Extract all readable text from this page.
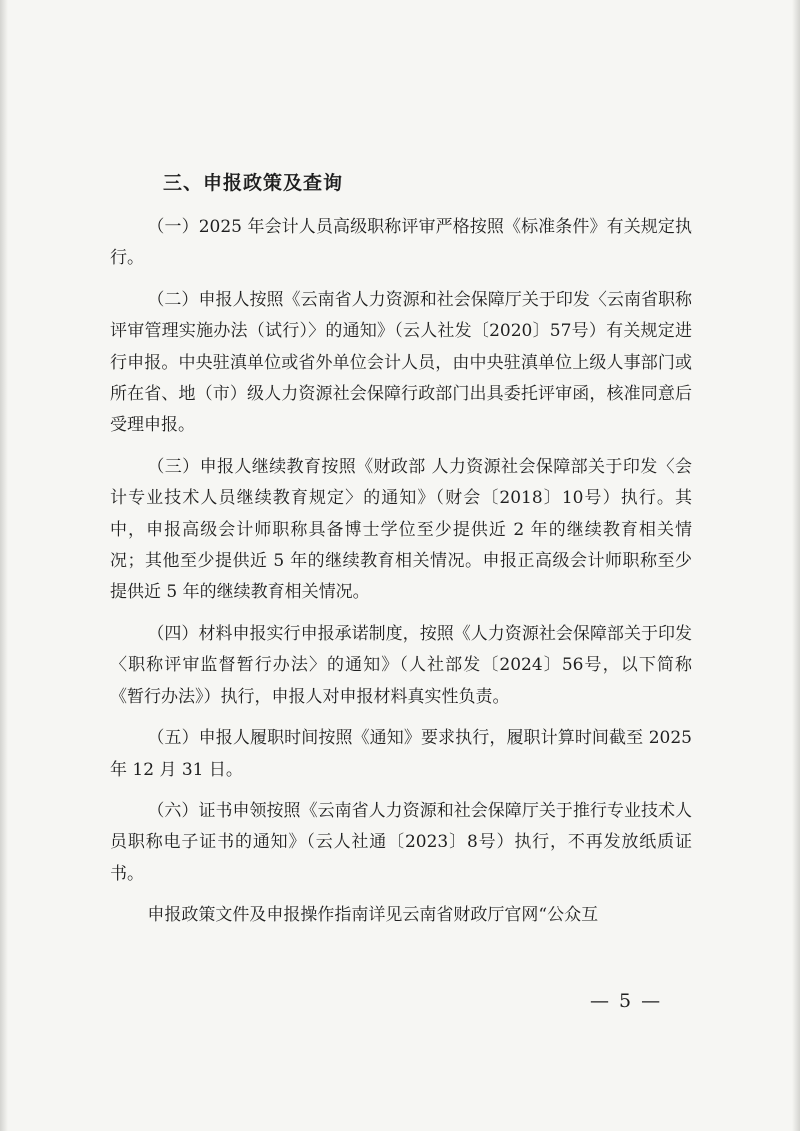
三、申报政策及查询

（一）2025 年会计人员高级职称评审严格按照《标准条件》有关规定执行。

（二）申报人按照《云南省人力资源和社会保障厅关于印发〈云南省职称评审管理实施办法（试行）〉的通知》（云人社发〔2020〕57号）有关规定进行申报。中央驻滇单位或省外单位会计人员，由中央驻滇单位上级人事部门或所在省、地（市）级人力资源社会保障行政部门出具委托评审函，核准同意后受理申报。

（三）申报人继续教育按照《财政部 人力资源社会保障部关于印发〈会计专业技术人员继续教育规定〉的通知》（财会〔2018〕10号）执行。其中，申报高级会计师职称具备博士学位至少提供近 2 年的继续教育相关情况；其他至少提供近 5 年的继续教育相关情况。申报正高级会计师职称至少提供近 5 年的继续教育相关情况。

（四）材料申报实行申报承诺制度，按照《人力资源社会保障部关于印发〈职称评审监督暂行办法〉的通知》（人社部发〔2024〕56号，以下简称《暂行办法》）执行，申报人对申报材料真实性负责。

（五）申报人履职时间按照《通知》要求执行，履职计算时间截至 2025 年 12 月 31 日。

（六）证书申领按照《云南省人力资源和社会保障厅关于推行专业技术人员职称电子证书的通知》（云人社通〔2023〕8号）执行，不再发放纸质证书。

申报政策文件及申报操作指南详见云南省财政厅官网“公众互

— 5 —
